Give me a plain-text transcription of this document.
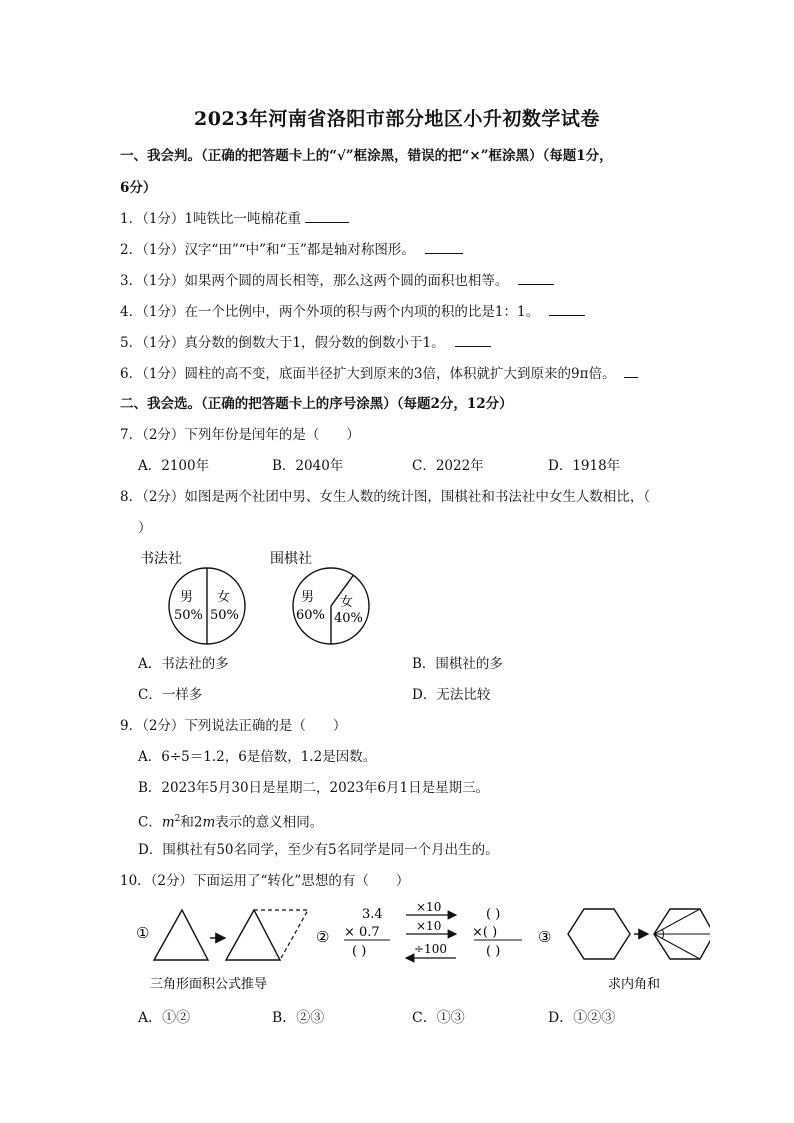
2023年河南省洛阳市部分地区小升初数学试卷
一、我会判。（正确的把答题卡上的“√”框涂黑，错误的把“×”框涂黑）（每题1分，
6分）
1．（1分）1吨铁比一吨棉花重
2．（1分）汉字“田”“中”和“玉”都是轴对称图形。
3．（1分）如果两个圆的周长相等，那么这两个圆的面积也相等。
4．（1分）在一个比例中，两个外项的积与两个内项的积的比是1：1。
5．（1分）真分数的倒数大于1，假分数的倒数小于1。
6．（1分）圆柱的高不变，底面半径扩大到原来的3倍，体积就扩大到原来的9π倍。
二、我会选。（正确的把答题卡上的序号涂黑）（每题2分，12分）
7．（2分）下列年份是闰年的是（　　）
A．2100年	B．2040年	C．2022年	D．1918年
8．（2分）如图是两个社团中男、女生人数的统计图，围棋社和书法社中女生人数相比，（
）
书法社
男
50%
女
50%
围棋社
男
60%
女
40%
A．书法社的多	B．围棋社的多
C．一样多	D．无法比较
9．（2分）下列说法正确的是（　　）
A．6÷5＝1.2，6是倍数，1.2是因数。
B．2023年5月30日是星期二，2023年6月1日是星期三。
C．$m^2$和2m表示的意义相同。
D．围棋社有50名同学，至少有5名同学是同一个月出生的。
10．（2分）下面运用了“转化”思想的有（　　）
①
三角形面积公式推导
②
3.4
× 0.7
( )
×10
×10
÷100
( )
×( )
( )
③
求内角和
A．①②	B．②③	C．①③	D．①②③
